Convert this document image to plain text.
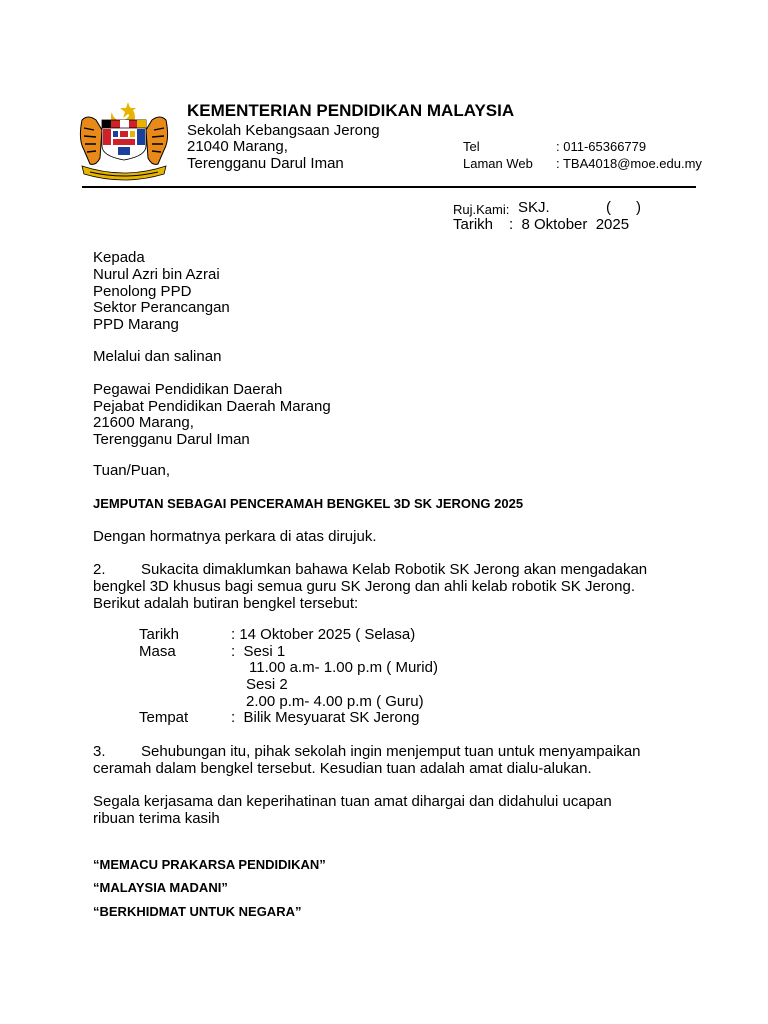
KEMENTERIAN PENDIDIKAN MALAYSIA
Sekolah Kebangsaan Jerong
21040 Marang,
Terengganu Darul Iman
Tel	: 011-65366779
Laman Web : TBA4018@moe.edu.my
Ruj.Kami: SKJ.	(      )
Tarikh :  8 Oktober  2025
Kepada
Nurul Azri bin Azrai
Penolong PPD
Sektor Perancangan
PPD Marang
Melalui dan salinan
Pegawai Pendidikan Daerah
Pejabat Pendidikan Daerah Marang
21600 Marang,
Terengganu Darul Iman
Tuan/Puan,
JEMPUTAN SEBAGAI PENCERAMAH BENGKEL 3D SK JERONG 2025
Dengan hormatnya perkara di atas dirujuk.
2. Sukacita dimaklumkan bahawa Kelab Robotik SK Jerong akan mengadakan
bengkel 3D khusus bagi semua guru SK Jerong dan ahli kelab robotik SK Jerong.
Berikut adalah butiran bengkel tersebut:
Tarikh	: 14 Oktober 2025 ( Selasa)
Masa	:  Sesi 1
11.00 a.m- 1.00 p.m ( Murid)
Sesi 2
2.00 p.m- 4.00 p.m ( Guru)
Tempat	:  Bilik Mesyuarat SK Jerong
3. Sehubungan itu, pihak sekolah ingin menjemput tuan untuk menyampaikan
ceramah dalam bengkel tersebut. Kesudian tuan adalah amat dialu-alukan.
Segala kerjasama dan keperihatinan tuan amat dihargai dan didahului ucapan
ribuan terima kasih
“MEMACU PRAKARSA PENDIDIKAN”
“MALAYSIA MADANI”
“BERKHIDMAT UNTUK NEGARA”
